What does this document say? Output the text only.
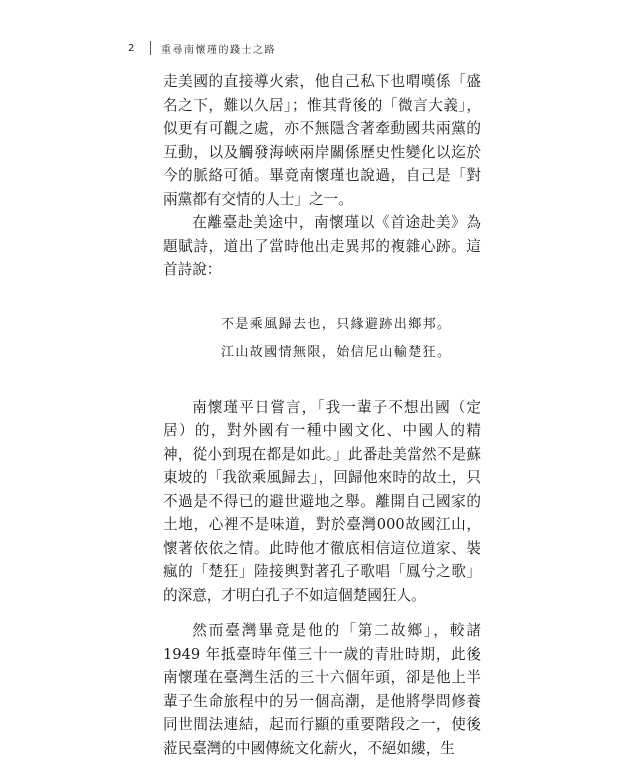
2	重尋南懷瑾的踐士之路

走美國的直接導火索，他自己私下也喟嘆係「盛名之下，難以久居」；惟其背後的「微言大義」，似更有可觀之處，亦不無隱含著牽動國共兩黨的互動，以及觸發海峽兩岸關係歷史性變化以迄於今的脈絡可循。畢竟南懷瑾也說過，自己是「對兩黨都有交情的人士」之一。

在離臺赴美途中，南懷瑾以《首途赴美》為題賦詩，道出了當時他出走異邦的複雜心跡。這首詩說：

不是乘風歸去也，只緣避跡出鄉邦。
江山故國情無限，始信尼山輸楚狂。

南懷瑾平日嘗言，「我一輩子不想出國（定居）的，對外國有一種中國文化、中國人的精神，從小到現在都是如此。」此番赴美當然不是蘇東坡的「我欲乘風歸去」，回歸他來時的故土，只不過是不得已的避世避地之舉。離開自己國家的土地，心裡不是味道，對於臺灣000故國江山，懷著依依之情。此時他才徹底相信這位道家、裝瘋的「楚狂」陸接輿對著孔子歌唱「鳳兮之歌」的深意，才明白孔子不如這個楚國狂人。

然而臺灣畢竟是他的「第二故鄉」，較諸 1949 年抵臺時年僅三十一歲的青壯時期，此後南懷瑾在臺灣生活的三十六個年頭，卻是他上半輩子生命旅程中的另一個高潮，是他將學問修養同世間法連結，起而行顯的重要階段之一，使後蒞民臺灣的中國傳統文化薪火，不絕如縷，生
